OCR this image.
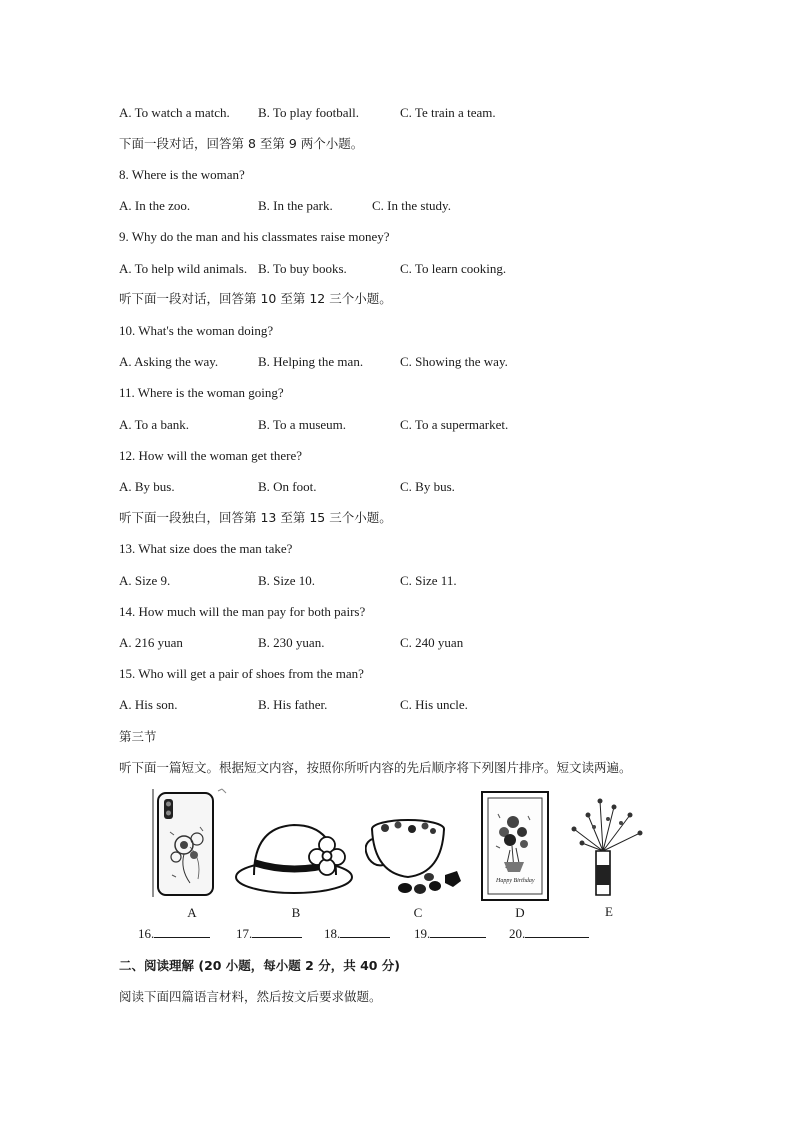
A. To watch a match. B. To play football.	C. Te train a team.
下面一段对话，回答第 8 至第 9 两个小题。
8. Where is the woman?
A. In the zoo.	B. In the park.	C. In the study.
9. Why do the man and his classmates raise money?
A. To help wild animals. B. To buy books.	C. To learn cooking.
听下面一段对话，回答第 10 至第 12 三个小题。
10. What's the woman doing?
A. Asking the way.	B. Helping the man.	C. Showing the way.
11. Where is the woman going?
A. To a bank.	B. To a museum.	C. To a supermarket.
12. How will the woman get there?
A. By bus.	B. On foot.	C. By bus.
听下面一段独白，回答第 13 至第 15 三个小题。
13. What size does the man take?
A. Size 9.	B. Size 10.	C. Size 11.
14. How much will the man pay for both pairs?
A. 216 yuan	B. 230 yuan.	C. 240 yuan
15. Who will get a pair of shoes from the man?
A. His son.	B. His father.	C. His uncle.
第三节
听下面一篇短文。根据短文内容，按照你所听内容的先后顺序将下列图片排序。短文读两遍。
A	B	C
Happy Birthday
D	E
16.	17.	18.	19.	20.
二、阅读理解 (20 小题，每小题 2 分，共 40 分)
阅读下面四篇语言材料，然后按文后要求做题。
